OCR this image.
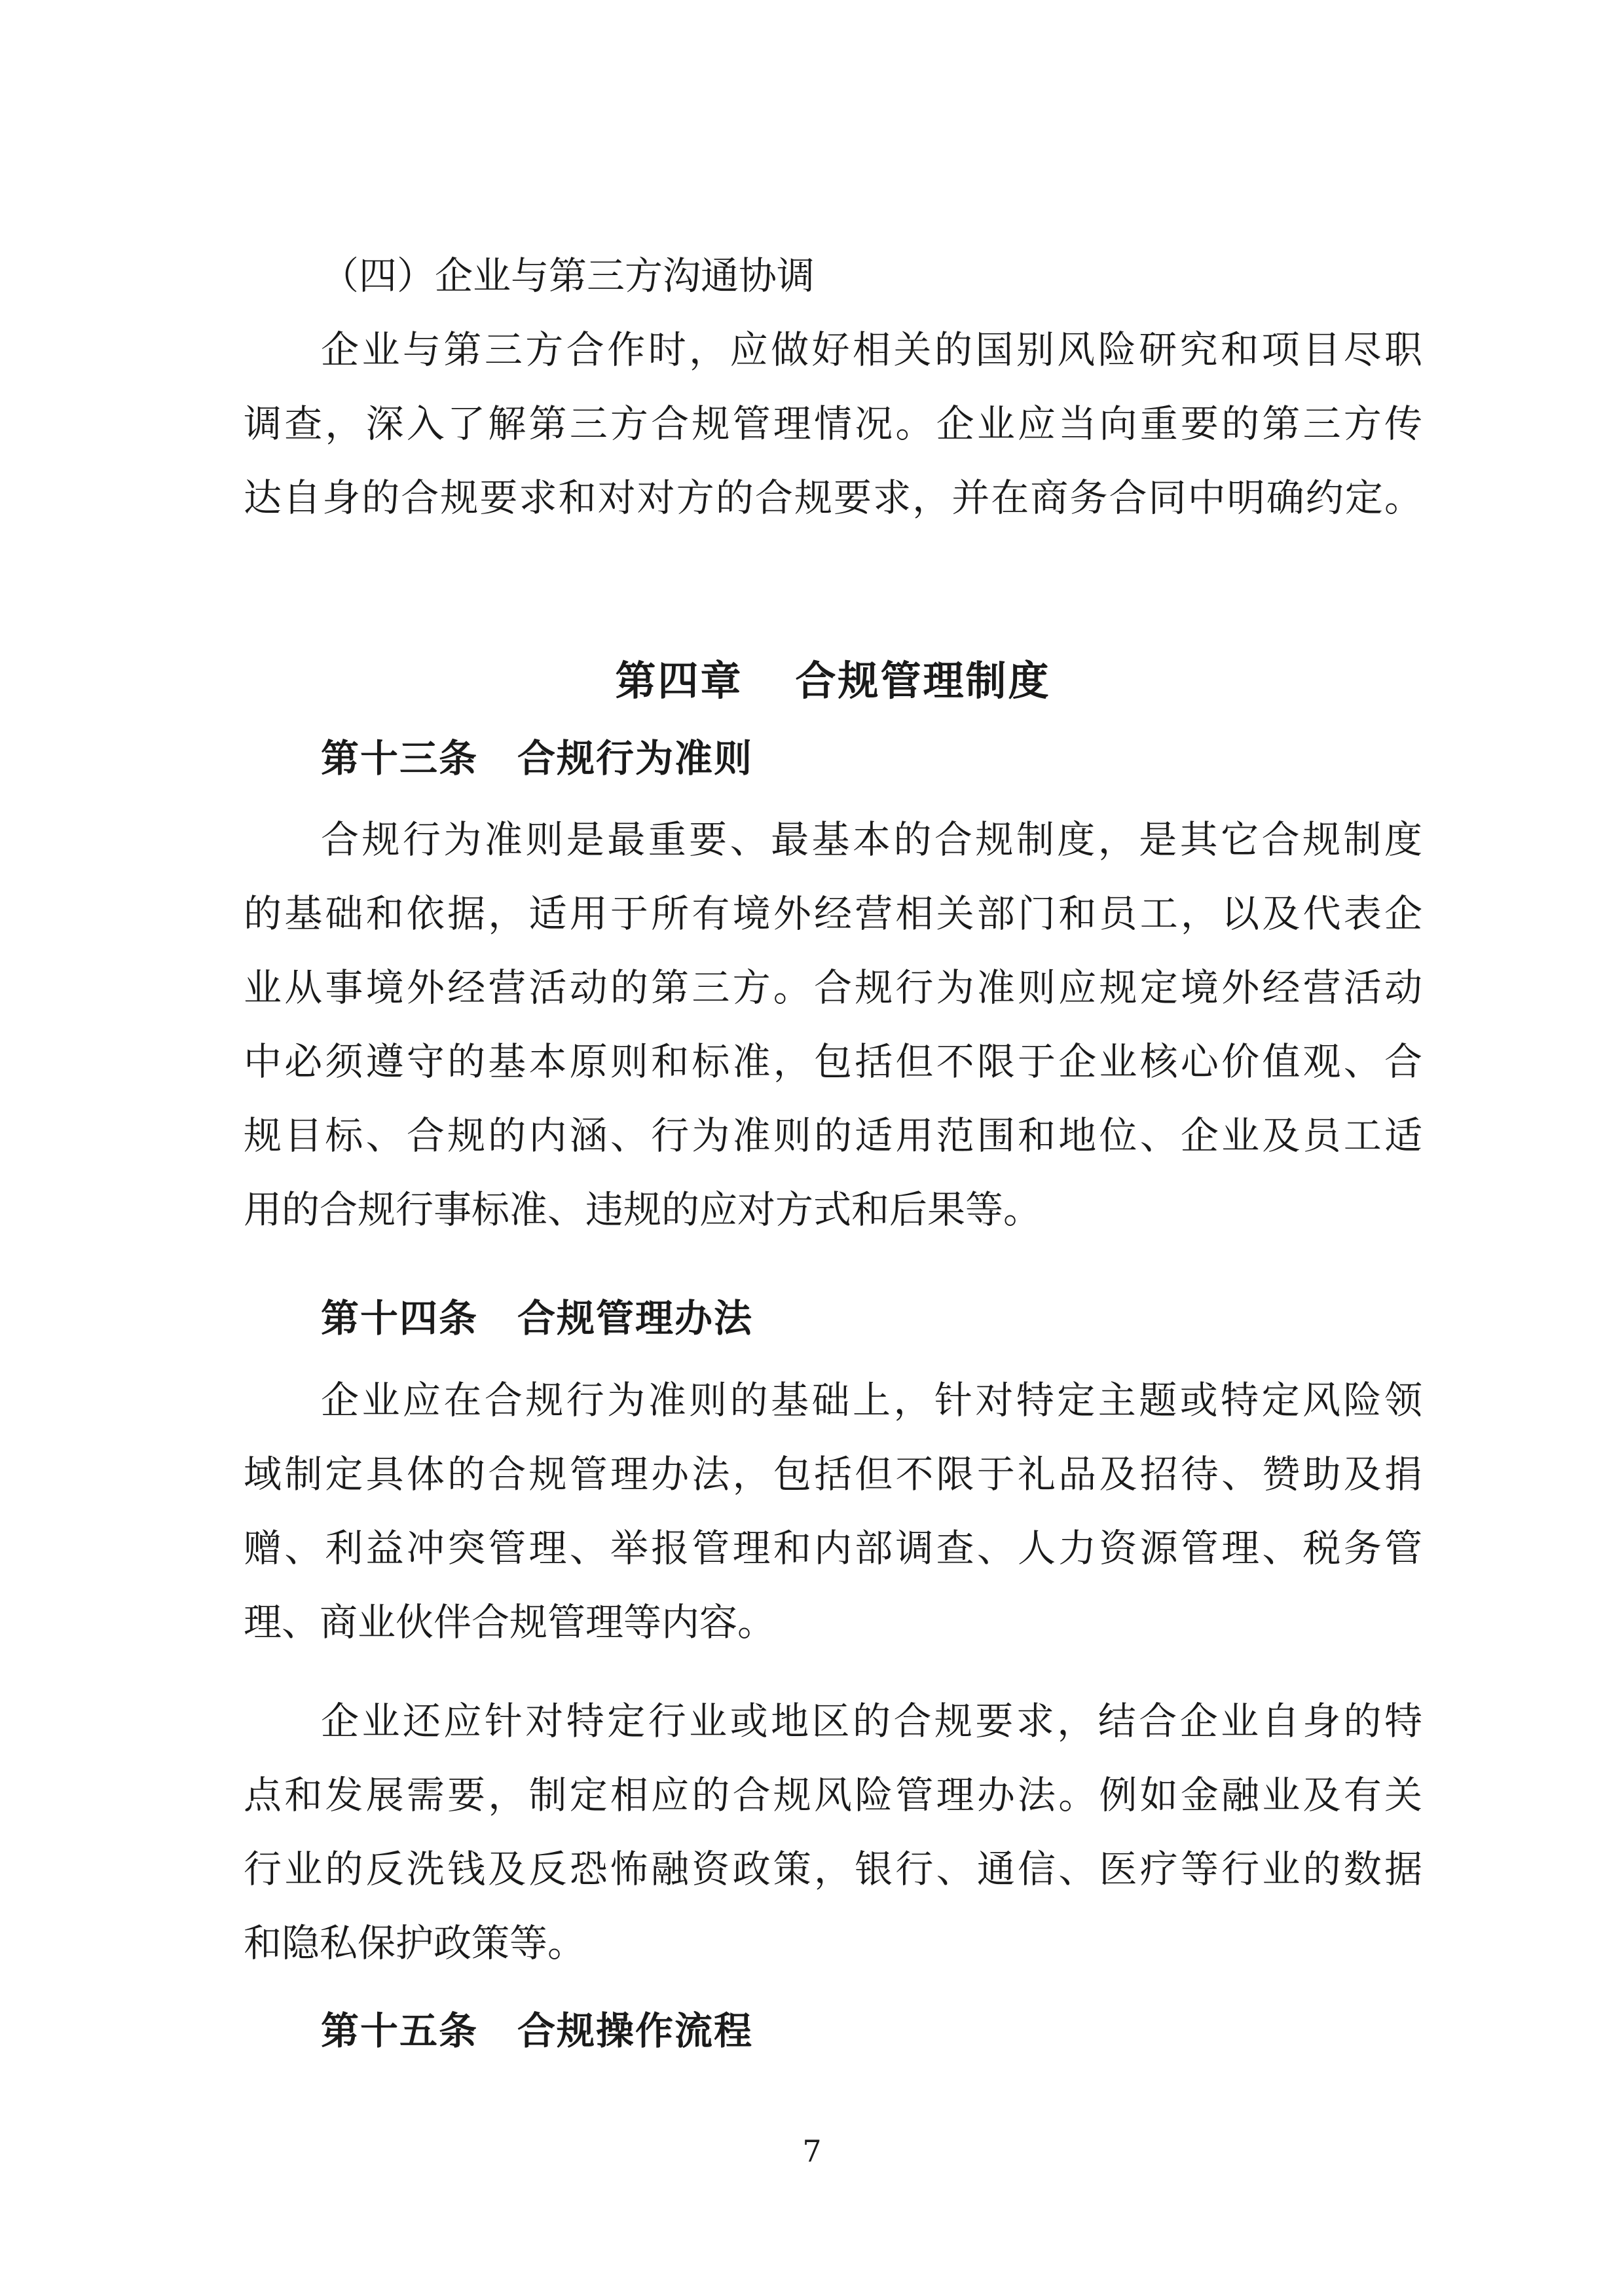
（四）企业与第三方沟通协调
企业与第三方合作时，应做好相关的国别风险研究和项目尽职
调查，深入了解第三方合规管理情况。企业应当向重要的第三方传
达自身的合规要求和对对方的合规要求，并在商务合同中明确约定。
第四章 合规管理制度
第十三条 合规行为准则
合规行为准则是最重要、最基本的合规制度，是其它合规制度
的基础和依据，适用于所有境外经营相关部门和员工，以及代表企
业从事境外经营活动的第三方。合规行为准则应规定境外经营活动
中必须遵守的基本原则和标准，包括但不限于企业核心价值观、合
规目标、合规的内涵、行为准则的适用范围和地位、企业及员工适
用的合规行事标准、违规的应对方式和后果等。
第十四条 合规管理办法
企业应在合规行为准则的基础上，针对特定主题或特定风险领
域制定具体的合规管理办法，包括但不限于礼品及招待、赞助及捐
赠、利益冲突管理、举报管理和内部调查、人力资源管理、税务管
理、商业伙伴合规管理等内容。
企业还应针对特定行业或地区的合规要求，结合企业自身的特
点和发展需要，制定相应的合规风险管理办法。例如金融业及有关
行业的反洗钱及反恐怖融资政策，银行、通信、医疗等行业的数据
和隐私保护政策等。
第十五条 合规操作流程
7
